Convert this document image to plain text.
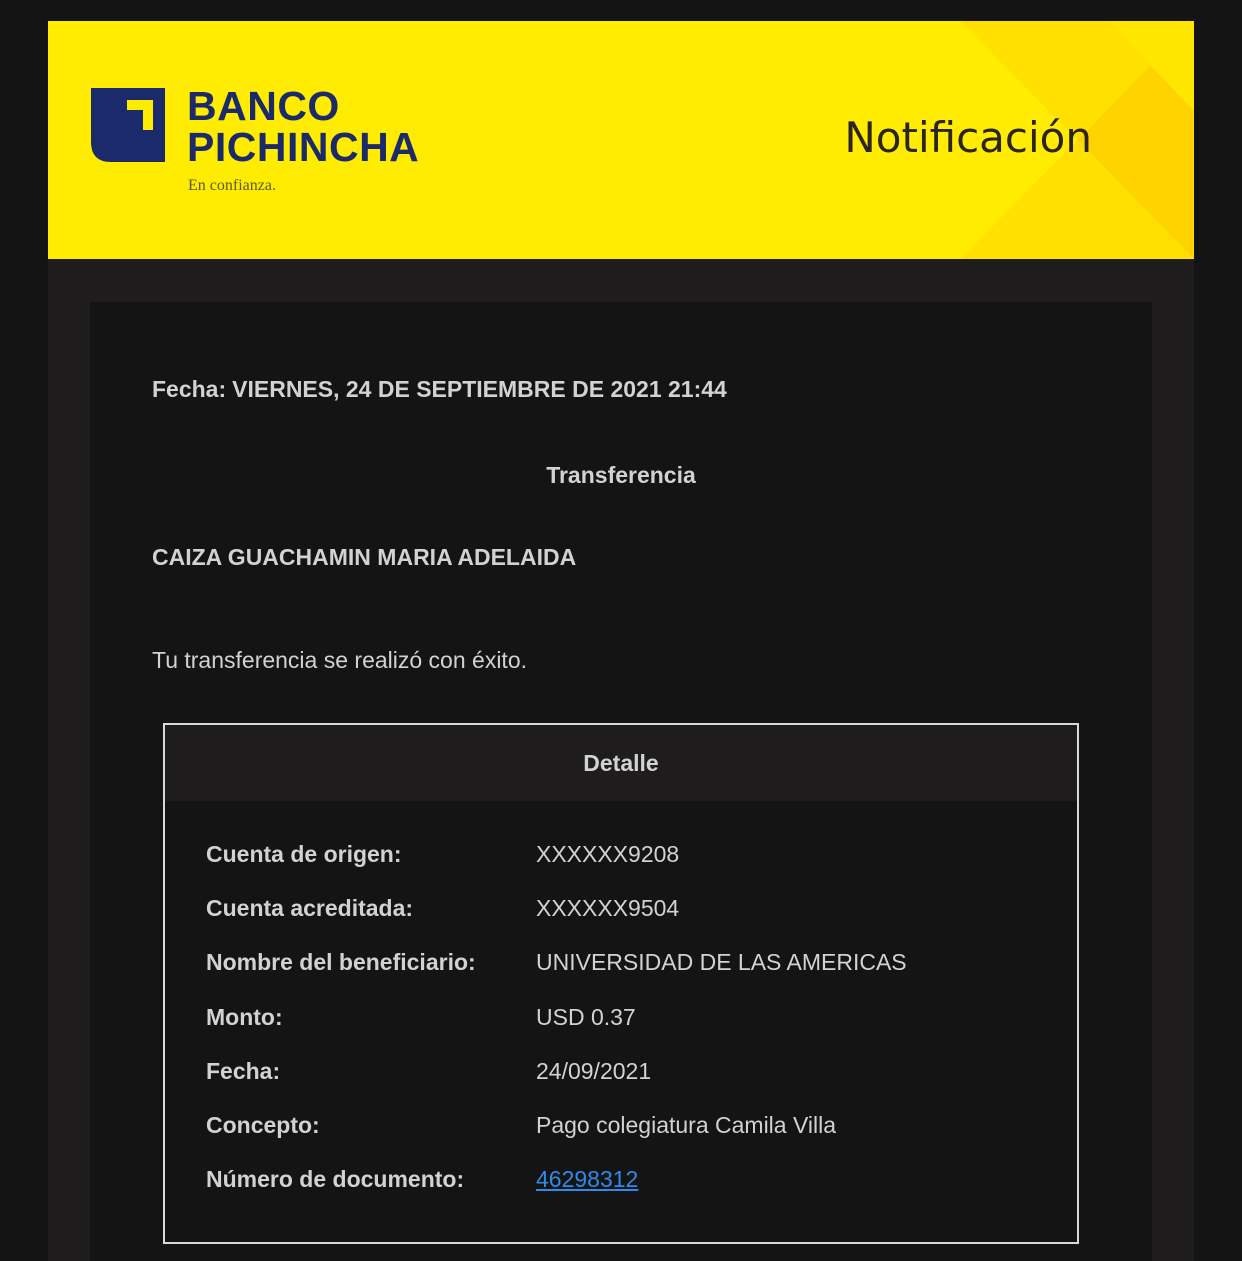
BANCO
PICHINCHA
En confianza.
Notificación
Fecha: VIERNES, 24 DE SEPTIEMBRE DE 2021 21:44
Transferencia
CAIZA GUACHAMIN MARIA ADELAIDA
Tu transferencia se realizó con éxito.
Detalle
Cuenta de origen:	XXXXXX9208
Cuenta acreditada:	XXXXXX9504
Nombre del beneficiario:	UNIVERSIDAD DE LAS AMERICAS
Monto:	USD 0.37
Fecha:	24/09/2021
Concepto:	Pago colegiatura Camila Villa
Número de documento:	46298312
